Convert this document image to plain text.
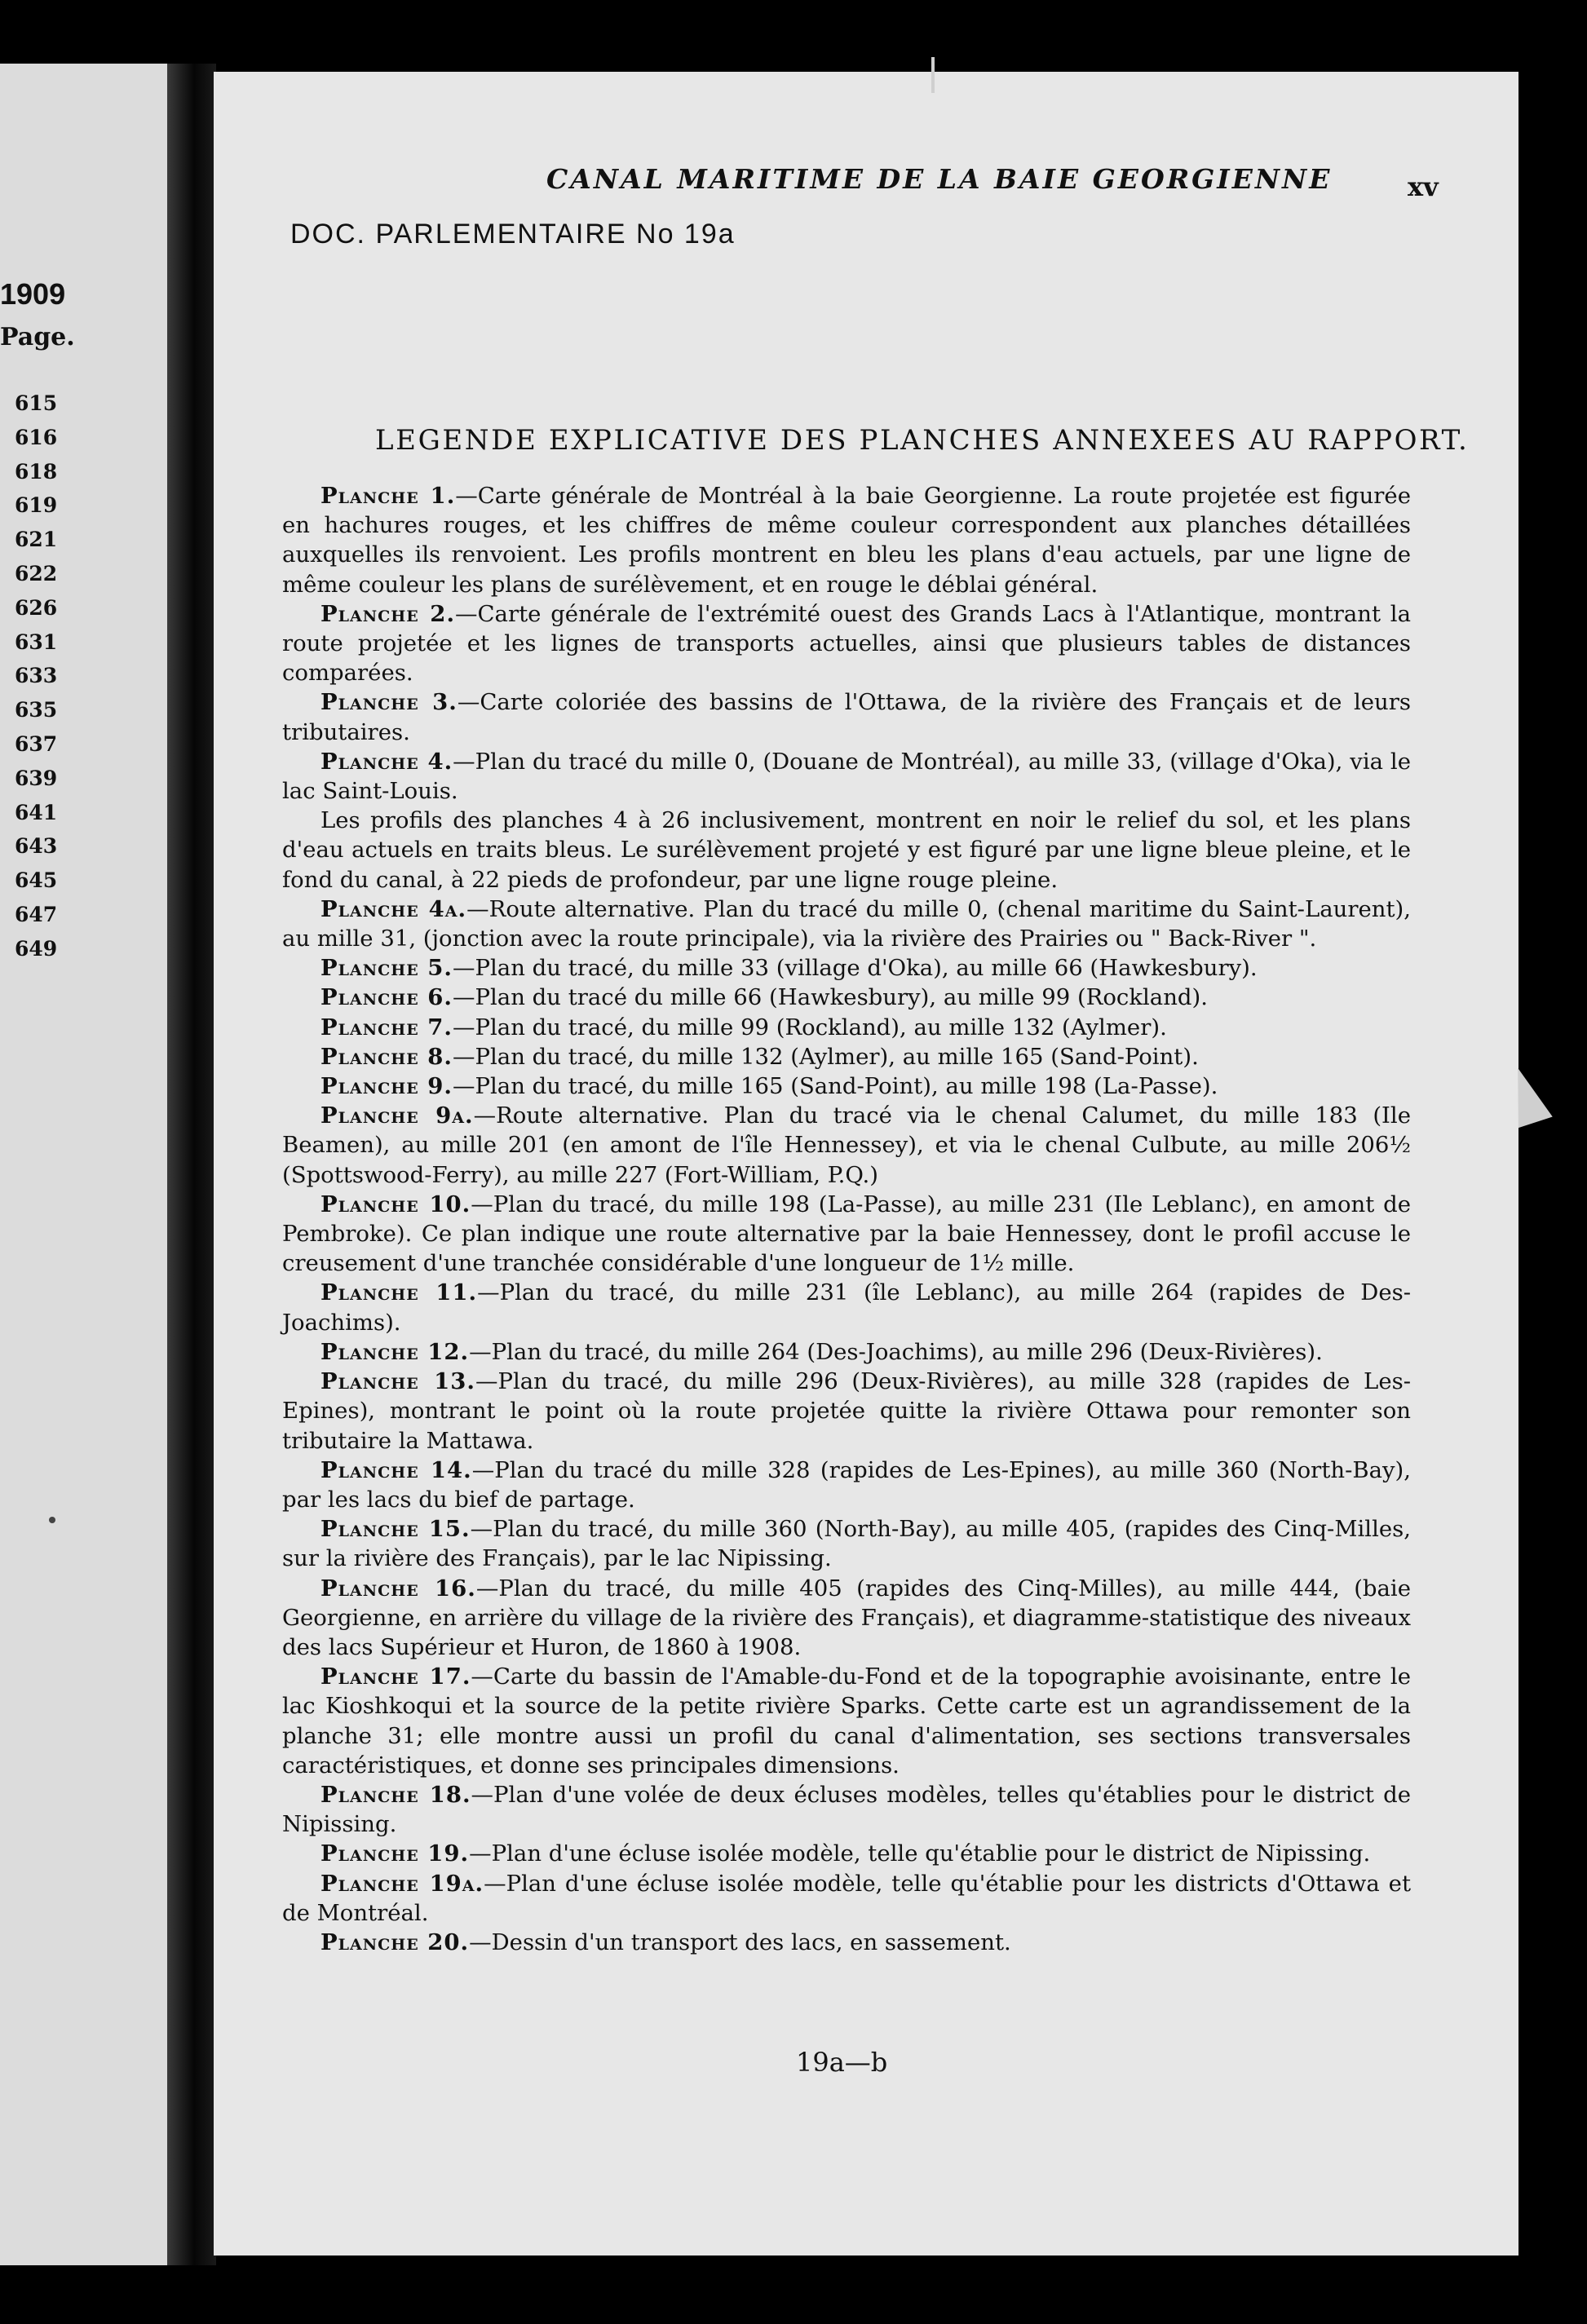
1909
Page.
615
616
618
619
621
622
626
631
633
635
637
639
641
643
645
647
649
CANAL MARITIME DE LA BAIE GEORGIENNE	xv
DOC. PARLEMENTAIRE No 19a
LEGENDE EXPLICATIVE DES PLANCHES ANNEXEES AU RAPPORT.

Planche 1.—Carte générale de Montréal à la baie Georgienne. La route projetée est figurée en hachures rouges, et les chiffres de même couleur correspondent aux planches détaillées auxquelles ils renvoient. Les profils montrent en bleu les plans d'eau actuels, par une ligne de même couleur les plans de surélèvement, et en rouge le déblai général.

Planche 2.—Carte générale de l'extrémité ouest des Grands Lacs à l'Atlantique, montrant la route projetée et les lignes de transports actuelles, ainsi que plusieurs tables de distances comparées.

Planche 3.—Carte coloriée des bassins de l'Ottawa, de la rivière des Français et de leurs tributaires.

Planche 4.—Plan du tracé du mille 0, (Douane de Montréal), au mille 33, (village d'Oka), via le lac Saint-Louis.

Les profils des planches 4 à 26 inclusivement, montrent en noir le relief du sol, et les plans d'eau actuels en traits bleus. Le surélèvement projeté y est figuré par une ligne bleue pleine, et le fond du canal, à 22 pieds de profondeur, par une ligne rouge pleine.

Planche 4a.—Route alternative. Plan du tracé du mille 0, (chenal maritime du Saint-Laurent), au mille 31, (jonction avec la route principale), via la rivière des Prairies ou " Back-River ".

Planche 5.—Plan du tracé, du mille 33 (village d'Oka), au mille 66 (Hawkesbury).

Planche 6.—Plan du tracé du mille 66 (Hawkesbury), au mille 99 (Rockland).

Planche 7.—Plan du tracé, du mille 99 (Rockland), au mille 132 (Aylmer).

Planche 8.—Plan du tracé, du mille 132 (Aylmer), au mille 165 (Sand-Point).

Planche 9.—Plan du tracé, du mille 165 (Sand-Point), au mille 198 (La-Passe).

Planche 9a.—Route alternative. Plan du tracé via le chenal Calumet, du mille 183 (Ile Beamen), au mille 201 (en amont de l'île Hennessey), et via le chenal Culbute, au mille 206½ (Spottswood-Ferry), au mille 227 (Fort-William, P.Q.)

Planche 10.—Plan du tracé, du mille 198 (La-Passe), au mille 231 (Ile Leblanc), en amont de Pembroke). Ce plan indique une route alternative par la baie Hennessey, dont le profil accuse le creusement d'une tranchée considérable d'une longueur de 1½ mille.

Planche 11.—Plan du tracé, du mille 231 (île Leblanc), au mille 264 (rapides de Des-Joachims).

Planche 12.—Plan du tracé, du mille 264 (Des-Joachims), au mille 296 (Deux-Rivières).

Planche 13.—Plan du tracé, du mille 296 (Deux-Rivières), au mille 328 (rapides de Les-Epines), montrant le point où la route projetée quitte la rivière Ottawa pour remonter son tributaire la Mattawa.

Planche 14.—Plan du tracé du mille 328 (rapides de Les-Epines), au mille 360 (North-Bay), par les lacs du bief de partage.

Planche 15.—Plan du tracé, du mille 360 (North-Bay), au mille 405, (rapides des Cinq-Milles, sur la rivière des Français), par le lac Nipissing.

Planche 16.—Plan du tracé, du mille 405 (rapides des Cinq-Milles), au mille 444, (baie Georgienne, en arrière du village de la rivière des Français), et diagramme-statistique des niveaux des lacs Supérieur et Huron, de 1860 à 1908.

Planche 17.—Carte du bassin de l'Amable-du-Fond et de la topographie avoisinante, entre le lac Kioshkoqui et la source de la petite rivière Sparks. Cette carte est un agrandissement de la planche 31; elle montre aussi un profil du canal d'alimentation, ses sections transversales caractéristiques, et donne ses principales dimensions.

Planche 18.—Plan d'une volée de deux écluses modèles, telles qu'établies pour le district de Nipissing.

Planche 19.—Plan d'une écluse isolée modèle, telle qu'établie pour le district de Nipissing.

Planche 19a.—Plan d'une écluse isolée modèle, telle qu'établie pour les districts d'Ottawa et de Montréal.

Planche 20.—Dessin d'un transport des lacs, en sassement.

19a—b
